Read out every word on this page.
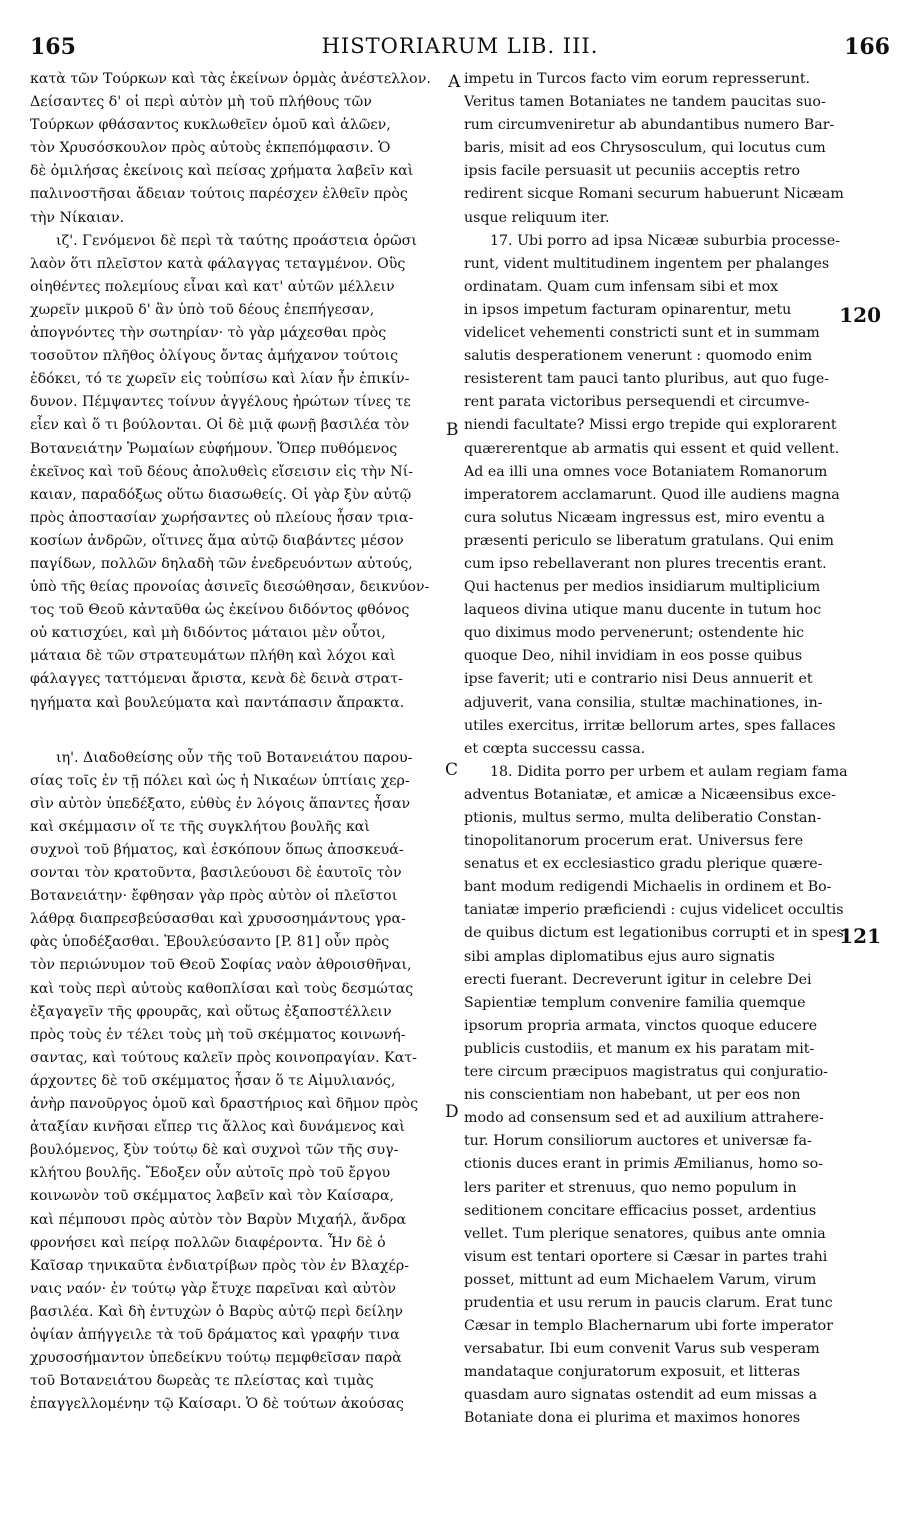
165	HISTORIARUM LIB. III.	166
κατὰ τῶν Τούρκων καὶ τὰς ἐκείνων ὁρμὰς ἀνέστελλον.
Δείσαντες δ' οἱ περὶ αὐτὸν μὴ τοῦ πλήθους τῶν
Τούρκων φθάσαντος κυκλωθεῖεν ὁμοῦ καὶ ἁλῶεν,
τὸν Χρυσόσκουλον πρὸς αὐτοὺς ἐκπεπόμφασιν. Ὁ
δὲ ὁμιλήσας ἐκείνοις καὶ πείσας χρήματα λαβεῖν καὶ
παλινοστῆσαι ἄδειαν τούτοις παρέσχεν ἐλθεῖν πρὸς
τὴν Νίκαιαν.
ιζ'. Γενόμενοι δὲ περὶ τὰ ταύτης προάστεια ὁρῶσι
λαὸν ὅτι πλεῖστον κατὰ φάλαγγας τεταγμένον. Οὓς
οἰηθέντες πολεμίους εἶναι καὶ κατ' αὐτῶν μέλλειν
χωρεῖν μικροῦ δ' ἂν ὑπὸ τοῦ δέους ἐπεπήγεσαν,
ἀπογνόντες τὴν σωτηρίαν· τὸ γὰρ μάχεσθαι πρὸς
τοσοῦτον πλῆθος ὀλίγους ὄντας ἀμήχανον τούτοις
ἐδόκει, τό τε χωρεῖν εἰς τοὐπίσω καὶ λίαν ἦν ἐπικίν-
δυνον. Πέμψαντες τοίνυν ἀγγέλους ἠρώτων τίνες τε
εἶεν καὶ ὅ τι βούλονται. Οἱ δὲ μιᾷ φωνῇ βασιλέα τὸν
Βοτανειάτην Ῥωμαίων εὐφήμουν. Ὅπερ πυθόμενος
ἐκεῖνος καὶ τοῦ δέους ἀπολυθεὶς εἴσεισιν εἰς τὴν Νί-
καιαν, παραδόξως οὕτω διασωθείς. Οἱ γὰρ ξὺν αὐτῷ
πρὸς ἀποστασίαν χωρήσαντες οὐ πλείους ἦσαν τρια-
κοσίων ἀνδρῶν, οἵτινες ἅμα αὐτῷ διαβάντες μέσον
παγίδων, πολλῶν δηλαδὴ τῶν ἐνεδρευόντων αὐτούς,
ὑπὸ τῆς θείας προνοίας ἀσινεῖς διεσώθησαν, δεικνύον-
τος τοῦ Θεοῦ κἀνταῦθα ὡς ἐκείνου διδόντος φθόνος
οὐ κατισχύει, καὶ μὴ διδόντος μάταιοι μὲν οὗτοι,
μάταια δὲ τῶν στρατευμάτων πλήθη καὶ λόχοι καὶ
φάλαγγες ταττόμεναι ἄριστα, κενὰ δὲ δεινὰ στρατ-
ηγήματα καὶ βουλεύματα καὶ παντάπασιν ἄπρακτα.
ιη'. Διαδοθείσης οὖν τῆς τοῦ Βοτανειάτου παρου-
σίας τοῖς ἐν τῇ πόλει καὶ ὡς ἡ Νικαέων ὑπτίαις χερ-
σὶν αὐτὸν ὑπεδέξατο, εὐθὺς ἐν λόγοις ἅπαντες ἦσαν
καὶ σκέμμασιν οἵ τε τῆς συγκλήτου βουλῆς καὶ
συχνοὶ τοῦ βήματος, καὶ ἐσκόπουν ὅπως ἀποσκευά-
σονται τὸν κρατοῦντα, βασιλεύουσι δὲ ἑαυτοῖς τὸν
Βοτανειάτην· ἔφθησαν γὰρ πρὸς αὐτὸν οἱ πλεῖστοι
λάθρᾳ διαπρεσβεύσασθαι καὶ χρυσοσημάντους γρα-
φὰς ὑποδέξασθαι. Ἐβουλεύσαντο [P. 81] οὖν πρὸς
τὸν περιώνυμον τοῦ Θεοῦ Σοφίας ναὸν ἀθροισθῆναι,
καὶ τοὺς περὶ αὐτοὺς καθοπλίσαι καὶ τοὺς δεσμώτας
ἐξαγαγεῖν τῆς φρουρᾶς, καὶ οὕτως ἐξαποστέλλειν
πρὸς τοὺς ἐν τέλει τοὺς μὴ τοῦ σκέμματος κοινωνή-
σαντας, καὶ τούτους καλεῖν πρὸς κοινοπραγίαν. Κατ-
άρχοντες δὲ τοῦ σκέμματος ἦσαν ὅ τε Αἰμυλιανός,
ἀνὴρ πανοῦργος ὁμοῦ καὶ δραστήριος καὶ δῆμον πρὸς
ἀταξίαν κινῆσαι εἴπερ τις ἄλλος καὶ δυνάμενος καὶ
βουλόμενος, ξὺν τούτῳ δὲ καὶ συχνοὶ τῶν τῆς συγ-
κλήτου βουλῆς. Ἔδοξεν οὖν αὐτοῖς πρὸ τοῦ ἔργου
κοινωνὸν τοῦ σκέμματος λαβεῖν καὶ τὸν Καίσαρα,
καὶ πέμπουσι πρὸς αὐτὸν τὸν Βαρὺν Μιχαήλ, ἄνδρα
φρονήσει καὶ πείρᾳ πολλῶν διαφέροντα. Ἦν δὲ ὁ
Καῖσαρ τηνικαῦτα ἐνδιατρίβων πρὸς τὸν ἐν Βλαχέρ-
ναις ναόν· ἐν τούτῳ γὰρ ἔτυχε παρεῖναι καὶ αὐτὸν
βασιλέα. Καὶ δὴ ἐντυχὼν ὁ Βαρὺς αὐτῷ περὶ δείλην
ὀψίαν ἀπήγγειλε τὰ τοῦ δράματος καὶ γραφήν τινα
χρυσοσήμαντον ὑπεδείκνυ τούτῳ πεμφθεῖσαν παρὰ
τοῦ Βοτανειάτου δωρεὰς τε πλείστας καὶ τιμὰς
ἐπαγγελλομένην τῷ Καίσαρι. Ὁ δὲ τούτων ἀκούσας
impetu in Turcos facto vim eorum represserunt.
Veritus tamen Botaniates ne tandem paucitas suo-
rum circumveniretur ab abundantibus numero Bar-
baris, misit ad eos Chrysosculum, qui locutus cum
ipsis facile persuasit ut pecuniis acceptis retro
redirent sicque Romani securum habuerunt Nicæam
usque reliquum iter.
17. Ubi porro ad ipsa Nicææ suburbia processe-
runt, vident multitudinem ingentem per phalanges
ordinatam. Quam cum infensam sibi et mox
in ipsos impetum facturam opinarentur, metu
videlicet vehementi constricti sunt et in summam
salutis desperationem venerunt : quomodo enim
resisterent tam pauci tanto pluribus, aut quo fuge-
rent parata victoribus persequendi et circumve-
niendi facultate? Missi ergo trepide qui explorarent
quærerentque ab armatis qui essent et quid vellent.
Ad ea illi una omnes voce Botaniatem Romanorum
imperatorem acclamarunt. Quod ille audiens magna
cura solutus Nicæam ingressus est, miro eventu a
præsenti periculo se liberatum gratulans. Qui enim
cum ipso rebellaverant non plures trecentis erant.
Qui hactenus per medios insidiarum multiplicium
laqueos divina utique manu ducente in tutum hoc
quo diximus modo pervenerunt; ostendente hic
quoque Deo, nihil invidiam in eos posse quibus
ipse faverit; uti e contrario nisi Deus annuerit et
adjuverit, vana consilia, stultæ machinationes, in-
utiles exercitus, irritæ bellorum artes, spes fallaces
et cœpta successu cassa.
18. Didita porro per urbem et aulam regiam fama
adventus Botaniatæ, et amicæ a Nicæensibus exce-
ptionis, multus sermo, multa deliberatio Constan-
tinopolitanorum procerum erat. Universus fere
senatus et ex ecclesiastico gradu plerique quære-
bant modum redigendi Michaelis in ordinem et Bo-
taniatæ imperio præficiendi : cujus videlicet occultis
de quibus dictum est legationibus corrupti et in spes
sibi amplas diplomatibus ejus auro signatis
erecti fuerant. Decreverunt igitur in celebre Dei
Sapientiæ templum convenire familia quemque
ipsorum propria armata, vinctos quoque educere
publicis custodiis, et manum ex his paratam mit-
tere circum præcipuos magistratus qui conjuratio-
nis conscientiam non habebant, ut per eos non
modo ad consensum sed et ad auxilium attrahere-
tur. Horum consiliorum auctores et universæ fa-
ctionis duces erant in primis Æmilianus, homo so-
lers pariter et strenuus, quo nemo populum in
seditionem concitare efficacius posset, ardentius
vellet. Tum plerique senatores, quibus ante omnia
visum est tentari oportere si Cæsar in partes trahi
posset, mittunt ad eum Michaelem Varum, virum
prudentia et usu rerum in paucis clarum. Erat tunc
Cæsar in templo Blachernarum ubi forte imperator
versabatur. Ibi eum convenit Varus sub vesperam
mandataque conjuratorum exposuit, et litteras
quasdam auro signatas ostendit ad eum missas a
Botaniate dona ei plurima et maximos honores
A
B
C
D
120
121
